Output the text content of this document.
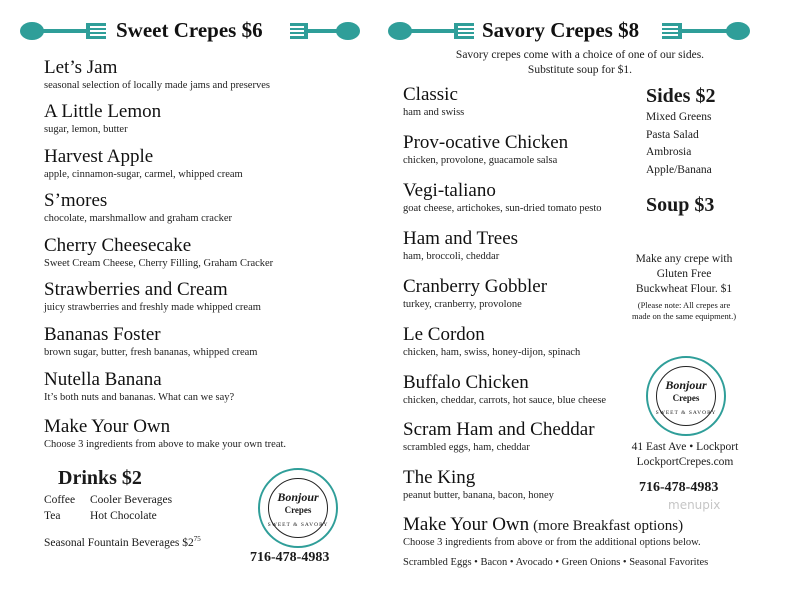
Sweet Crepes $6
Let’s Jam
seasonal selection of locally made jams and preserves
A Little Lemon
sugar, lemon, butter
Harvest Apple
apple, cinnamon-sugar, carmel, whipped cream
S’mores
chocolate, marshmallow and graham cracker
Cherry Cheesecake
Sweet Cream Cheese, Cherry Filling, Graham Cracker
Strawberries and Cream
juicy strawberries and freshly made whipped cream
Bananas Foster
brown sugar, butter, fresh bananas, whipped cream
Nutella Banana
It’s both nuts and bananas. What can we say?
Make Your Own
Choose 3 ingredients from above to make your own treat.
Drinks $2
Coffee Cooler Beverages
Tea	Hot Chocolate
Seasonal Fountain Beverages $\$2^{75}$
Bonjour
Crepes
SWEET & SAVORY
716-478-4983
Savory Crepes $8
Savory crepes come with a choice of one of our sides.
Substitute soup for $1.
Classic
ham and swiss
Prov-ocative Chicken
chicken, provolone, guacamole salsa
Vegi-taliano
goat cheese, artichokes, sun-dried tomato pesto
Ham and Trees
ham, broccoli, cheddar
Cranberry Gobbler
turkey, cranberry, provolone
Le Cordon
chicken, ham, swiss, honey-dijon, spinach
Buffalo Chicken
chicken, cheddar, carrots, hot sauce, blue cheese
Scram Ham and Cheddar
scrambled eggs, ham, cheddar
The King
peanut butter, banana, bacon, honey
Make Your Own (more Breakfast options)
Choose 3 ingredients from above or from the additional options below.
Scrambled Eggs • Bacon • Avocado • Green Onions • Seasonal Favorites
Sides $2
Mixed Greens
Pasta Salad
Ambrosia
Apple/Banana
Soup $3
Make any crepe with
Gluten Free
Buckwheat Flour. $1
(Please note: All crepes are
made on the same equipment.)
Bonjour
Crepes
SWEET & SAVORY
41 East Ave • Lockport
LockportCrepes.com
716-478-4983
menupix
